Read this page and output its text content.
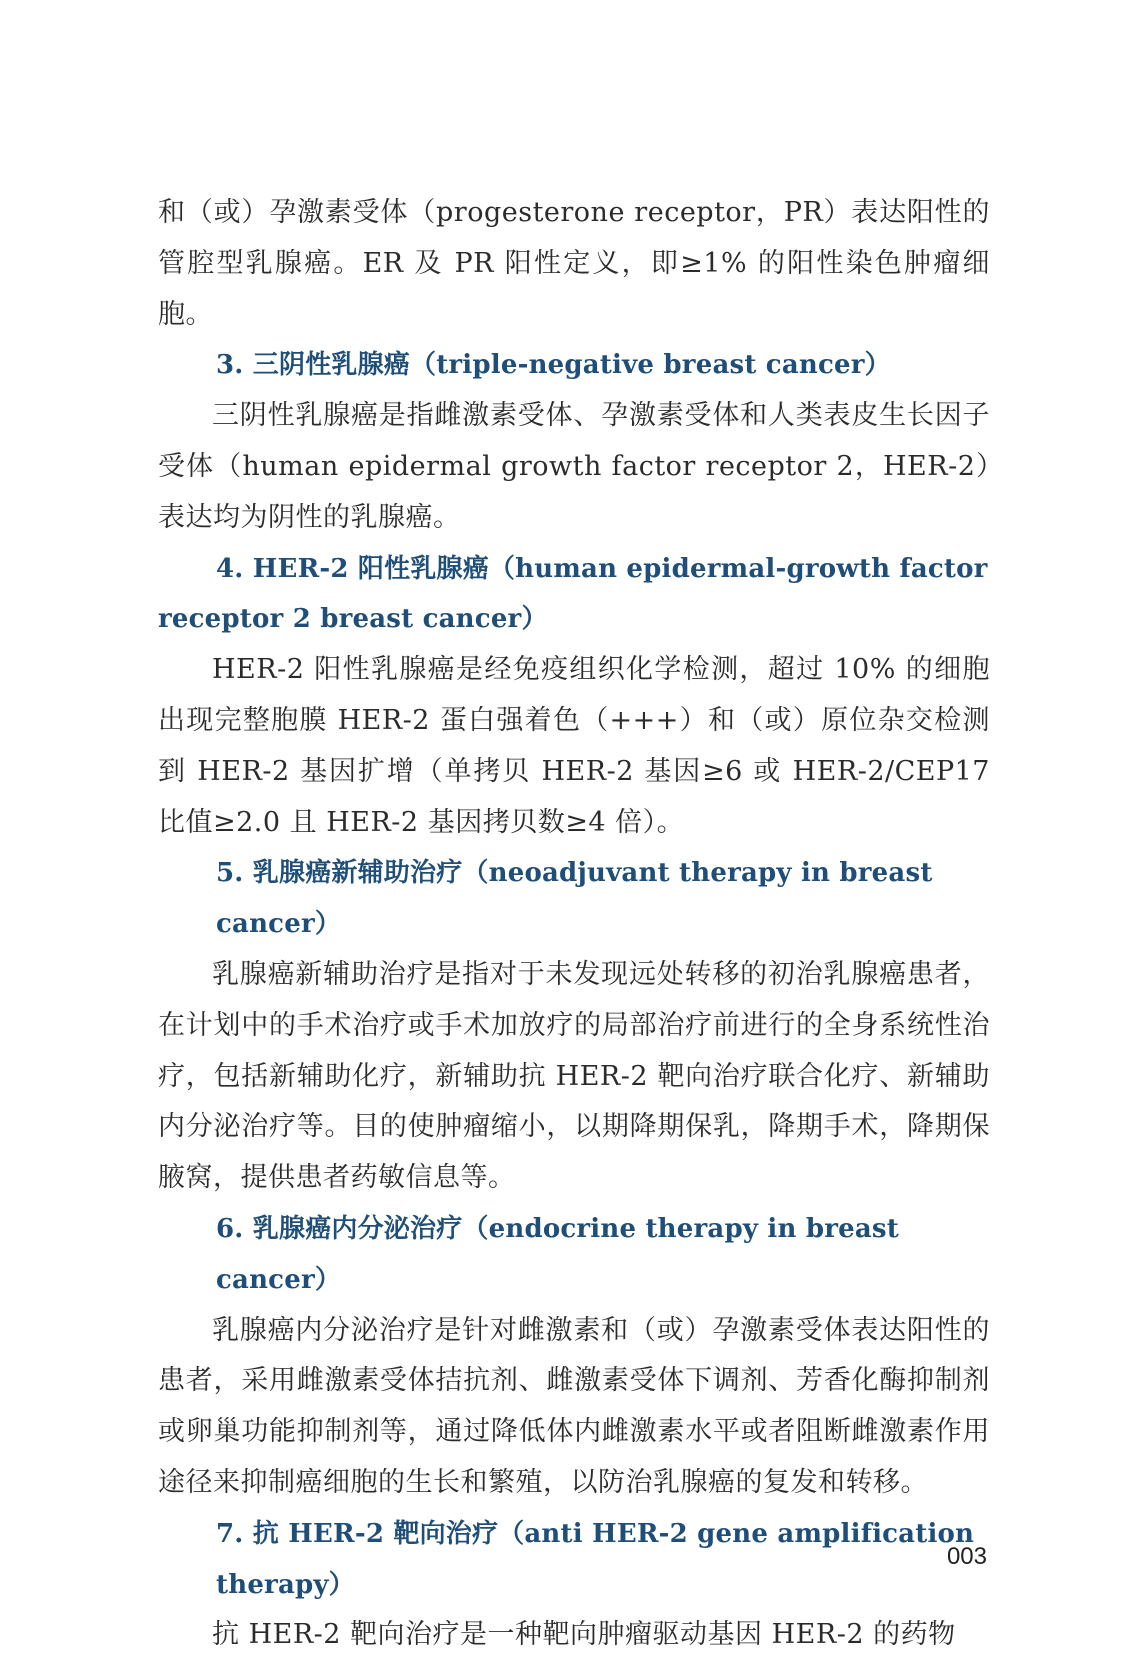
和（或）孕激素受体（progesterone receptor，PR）表达阳性的管腔型乳腺癌。ER 及 PR 阳性定义，即≥1% 的阳性染色肿瘤细胞。

3. 三阴性乳腺癌（triple-negative breast cancer）

三阴性乳腺癌是指雌激素受体、孕激素受体和人类表皮生长因子受体（human epidermal growth factor receptor 2，HER-2）表达均为阴性的乳腺癌。

4. HER-2 阳性乳腺癌（human epidermal-growth factor
receptor 2 breast cancer）

HER-2 阳性乳腺癌是经免疫组织化学检测，超过 10% 的细胞出现完整胞膜 HER-2 蛋白强着色（+++）和（或）原位杂交检测到 HER-2 基因扩增（单拷贝 HER-2 基因≥6 或 HER-2/CEP17 比值≥2.0 且 HER-2 基因拷贝数≥4 倍）。

5. 乳腺癌新辅助治疗（neoadjuvant therapy in breast cancer）

乳腺癌新辅助治疗是指对于未发现远处转移的初治乳腺癌患者，在计划中的手术治疗或手术加放疗的局部治疗前进行的全身系统性治疗，包括新辅助化疗，新辅助抗 HER-2 靶向治疗联合化疗、新辅助内分泌治疗等。目的使肿瘤缩小，以期降期保乳，降期手术，降期保腋窝，提供患者药敏信息等。

6. 乳腺癌内分泌治疗（endocrine therapy in breast cancer）

乳腺癌内分泌治疗是针对雌激素和（或）孕激素受体表达阳性的患者，采用雌激素受体拮抗剂、雌激素受体下调剂、芳香化酶抑制剂或卵巢功能抑制剂等，通过降低体内雌激素水平或者阻断雌激素作用途径来抑制癌细胞的生长和繁殖，以防治乳腺癌的复发和转移。

7. 抗 HER-2 靶向治疗（anti HER-2 gene amplification therapy）

抗 HER-2 靶向治疗是一种靶向肿瘤驱动基因 HER-2 的药物

003
